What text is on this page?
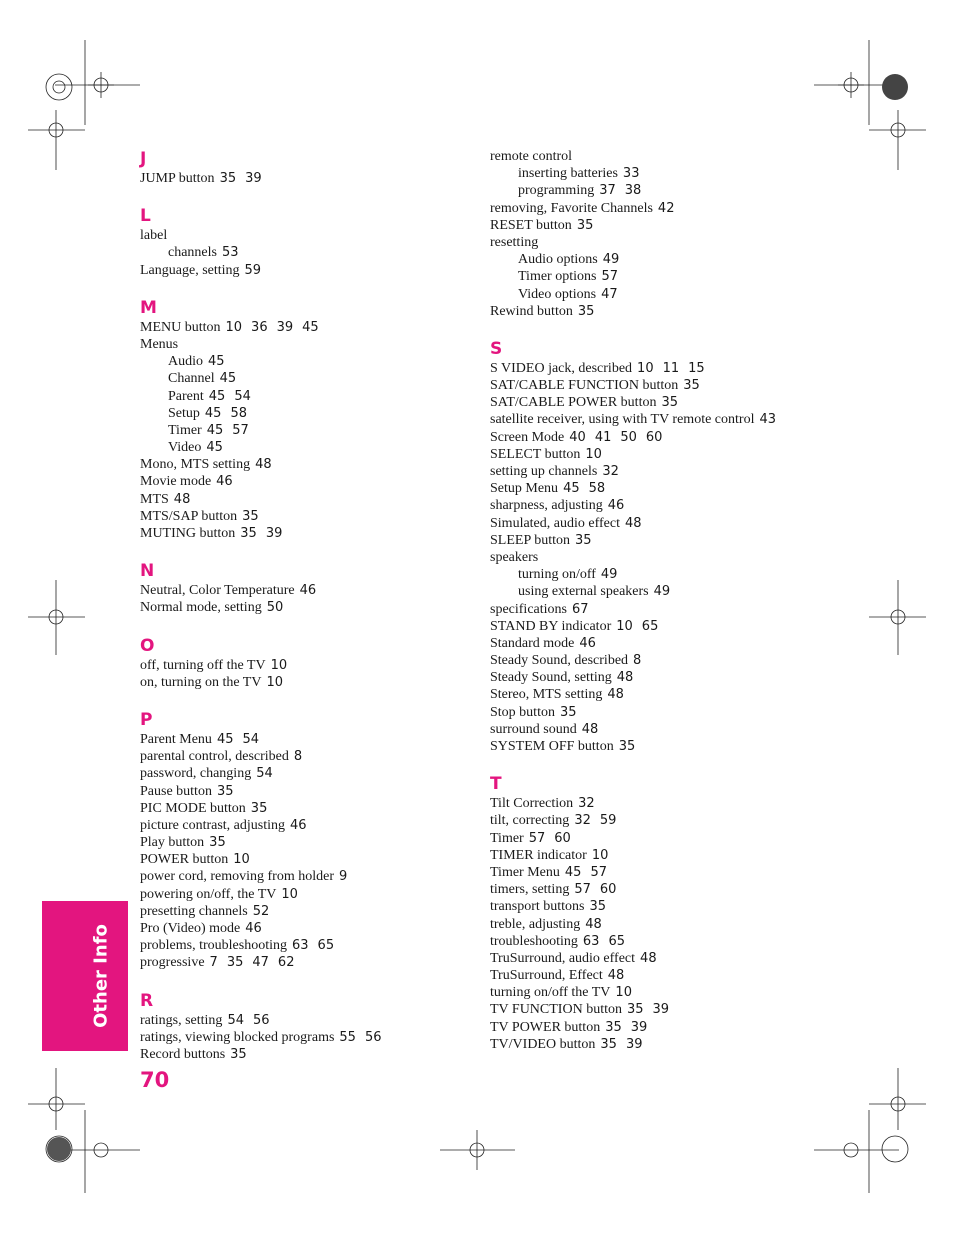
J
JUMP button 35 39
L
label
channels 53
Language, setting 59
M
MENU button 10 36 39 45
Menus
Audio 45
Channel 45
Parent 45 54
Setup 45 58
Timer 45 57
Video 45
Mono, MTS setting 48
Movie mode 46
MTS 48
MTS/SAP button 35
MUTING button 35 39
N
Neutral, Color Temperature 46
Normal mode, setting 50
O
off, turning off the TV 10
on, turning on the TV 10
P
Parent Menu 45 54
parental control, described 8
password, changing 54
Pause button 35
PIC MODE button 35
picture contrast, adjusting 46
Play button 35
POWER button 10
power cord, removing from holder 9
powering on/off, the TV 10
presetting channels 52
Pro (Video) mode 46
problems, troubleshooting 63 65
progressive 7 35 47 62
R
ratings, setting 54 56
ratings, viewing blocked programs 55 56
Record buttons 35
remote control
inserting batteries 33
programming 37 38
removing, Favorite Channels 42
RESET button 35
resetting
Audio options 49
Timer options 57
Video options 47
Rewind button 35
S
S VIDEO jack, described 10 11 15
SAT/CABLE FUNCTION button 35
SAT/CABLE POWER button 35
satellite receiver, using with TV remote control 43
Screen Mode 40 41 50 60
SELECT button 10
setting up channels 32
Setup Menu 45 58
sharpness, adjusting 46
Simulated, audio effect 48
SLEEP button 35
speakers
turning on/off 49
using external speakers 49
specifications 67
STAND BY indicator 10 65
Standard mode 46
Steady Sound, described 8
Steady Sound, setting 48
Stereo, MTS setting 48
Stop button 35
surround sound 48
SYSTEM OFF button 35
T
Tilt Correction 32
tilt, correcting 32 59
Timer 57 60
TIMER indicator 10
Timer Menu 45 57
timers, setting 57 60
transport buttons 35
treble, adjusting 48
troubleshooting 63 65
TruSurround, audio effect 48
TruSurround, Effect 48
turning on/off the TV 10
TV FUNCTION button 35 39
TV POWER button 35 39
TV/VIDEO button 35 39
Other Info
70
